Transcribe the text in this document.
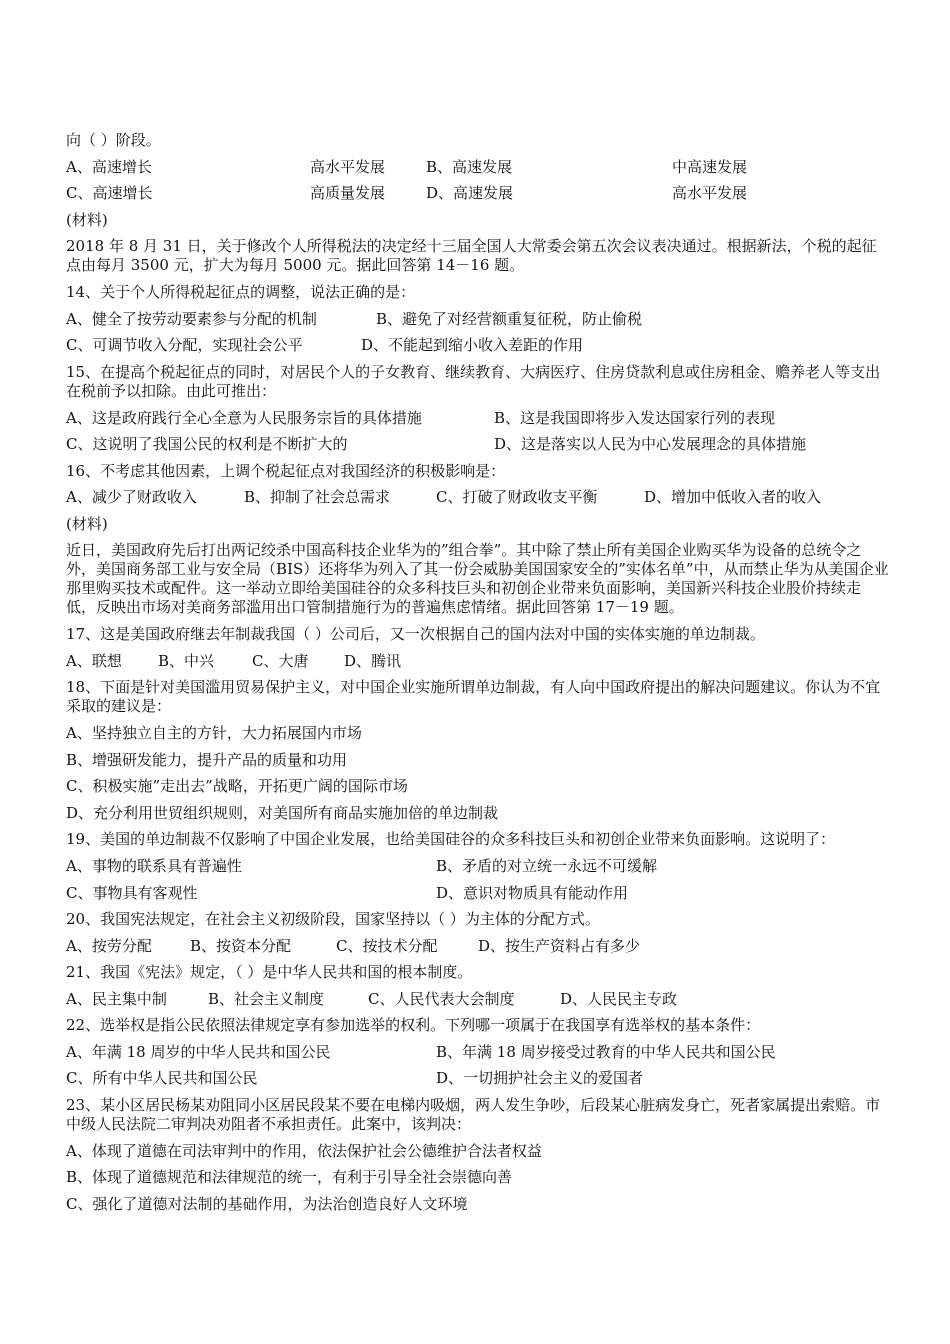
向（ ）阶段。
A、高速增长	高水平发展	B、高速发展	中高速发展
C、高速增长	高质量发展	D、高速发展	高水平发展
(材料)
2018 年 8 月 31 日，关于修改个人所得税法的决定经十三届全国人大常委会第五次会议表决通过。根据新法，个税的起征点由每月 3500 元，扩大为每月 5000 元。据此回答第 14－16 题。
14、关于个人所得税起征点的调整，说法正确的是：
A、健全了按劳动要素参与分配的机制	B、避免了对经营额重复征税，防止偷税
C、可调节收入分配，实现社会公平	D、不能起到缩小收入差距的作用
15、在提高个税起征点的同时，对居民个人的子女教育、继续教育、大病医疗、住房贷款利息或住房租金、赡养老人等支出在税前予以扣除。由此可推出：
A、这是政府践行全心全意为人民服务宗旨的具体措施	B、这是我国即将步入发达国家行列的表现
C、这说明了我国公民的权利是不断扩大的	D、这是落实以人民为中心发展理念的具体措施
16、不考虑其他因素，上调个税起征点对我国经济的积极影响是：
A、减少了财政收入	B、抑制了社会总需求	C、打破了财政收支平衡	D、增加中低收入者的收入
(材料)
近日，美国政府先后打出两记绞杀中国高科技企业华为的”组合拳”。其中除了禁止所有美国企业购买华为设备的总统令之外，美国商务部工业与安全局（BIS）还将华为列入了其一份会威胁美国国家安全的”实体名单”中，从而禁止华为从美国企业那里购买技术或配件。这一举动立即给美国硅谷的众多科技巨头和初创企业带来负面影响，美国新兴科技企业股价持续走低，反映出市场对美商务部滥用出口管制措施行为的普遍焦虑情绪。据此回答第 17－19 题。
17、这是美国政府继去年制裁我国（ ）公司后，又一次根据自己的国内法对中国的实体实施的单边制裁。
A、联想 B、中兴	C、大唐 D、腾讯
18、下面是针对美国滥用贸易保护主义，对中国企业实施所谓单边制裁，有人向中国政府提出的解决问题建议。你认为不宜采取的建议是：
A、坚持独立自主的方针，大力拓展国内市场
B、增强研发能力，提升产品的质量和功用
C、积极实施”走出去”战略，开拓更广阔的国际市场
D、充分利用世贸组织规则，对美国所有商品实施加倍的单边制裁
19、美国的单边制裁不仅影响了中国企业发展，也给美国硅谷的众多科技巨头和初创企业带来负面影响。这说明了：
A、事物的联系具有普遍性	B、矛盾的对立统一永远不可缓解
C、事物具有客观性	D、意识对物质具有能动作用
20、我国宪法规定，在社会主义初级阶段，国家坚持以（ ）为主体的分配方式。
A、按劳分配	B、按资本分配	C、按技术分配	D、按生产资料占有多少
21、我国《宪法》规定，（ ）是中华人民共和国的根本制度。
A、民主集中制	B、社会主义制度	C、人民代表大会制度	D、人民民主专政
22、选举权是指公民依照法律规定享有参加选举的权利。下列哪一项属于在我国享有选举权的基本条件：
A、年满 18 周岁的中华人民共和国公民	B、年满 18 周岁接受过教育的中华人民共和国公民
C、所有中华人民共和国公民	D、一切拥护社会主义的爱国者
23、某小区居民杨某劝阻同小区居民段某不要在电梯内吸烟，两人发生争吵，后段某心脏病发身亡，死者家属提出索赔。市中级人民法院二审判决劝阻者不承担责任。此案中，该判决：
A、体现了道德在司法审判中的作用，依法保护社会公德维护合法者权益
B、体现了道德规范和法律规范的统一，有利于引导全社会崇德向善
C、强化了道德对法制的基础作用，为法治创造良好人文环境
